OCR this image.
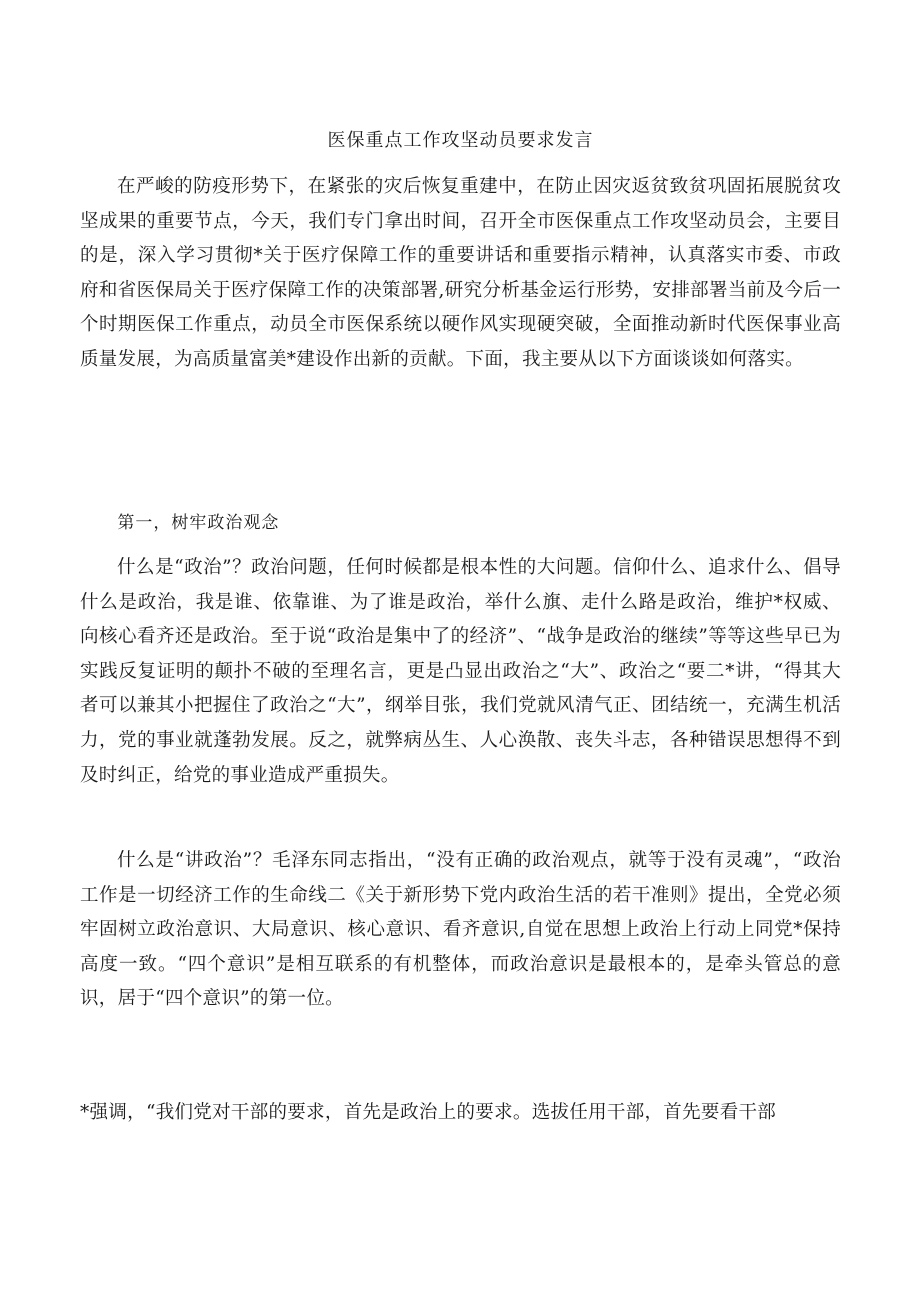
医保重点工作攻坚动员要求发言

在严峻的防疫形势下，在紧张的灾后恢复重建中，在防止因灾返贫致贫巩固拓展脱贫攻坚成果的重要节点，今天，我们专门拿出时间，召开全市医保重点工作攻坚动员会，主要目的是，深入学习贯彻*关于医疗保障工作的重要讲话和重要指示精神，认真落实市委、市政府和省医保局关于医疗保障工作的决策部署,研究分析基金运行形势，安排部署当前及今后一个时期医保工作重点，动员全市医保系统以硬作风实现硬突破，全面推动新时代医保事业高质量发展，为高质量富美*建设作出新的贡献。下面，我主要从以下方面谈谈如何落实。

第一，树牢政治观念

什么是“政治”？政治问题，任何时候都是根本性的大问题。信仰什么、追求什么、倡导什么是政治，我是谁、依靠谁、为了谁是政治，举什么旗、走什么路是政治，维护*权威、向核心看齐还是政治。至于说“政治是集中了的经济”、“战争是政治的继续”等等这些早已为实践反复证明的颠扑不破的至理名言，更是凸显出政治之“大”、政治之“要二*讲，“得其大者可以兼其小把握住了政治之“大”，纲举目张，我们党就风清气正、团结统一，充满生机活力，党的事业就蓬勃发展。反之，就弊病丛生、人心涣散、丧失斗志，各种错误思想得不到及时纠正，给党的事业造成严重损失。

什么是“讲政治”？毛泽东同志指出，“没有正确的政治观点，就等于没有灵魂”，“政治工作是一切经济工作的生命线二《关于新形势下党内政治生活的若干准则》提出，全党必须牢固树立政治意识、大局意识、核心意识、看齐意识,自觉在思想上政治上行动上同党*保持高度一致。“四个意识”是相互联系的有机整体，而政治意识是最根本的，是牵头管总的意识，居于“四个意识”的第一位。

*强调，“我们党对干部的要求，首先是政治上的要求。选拔任用干部，首先要看干部
